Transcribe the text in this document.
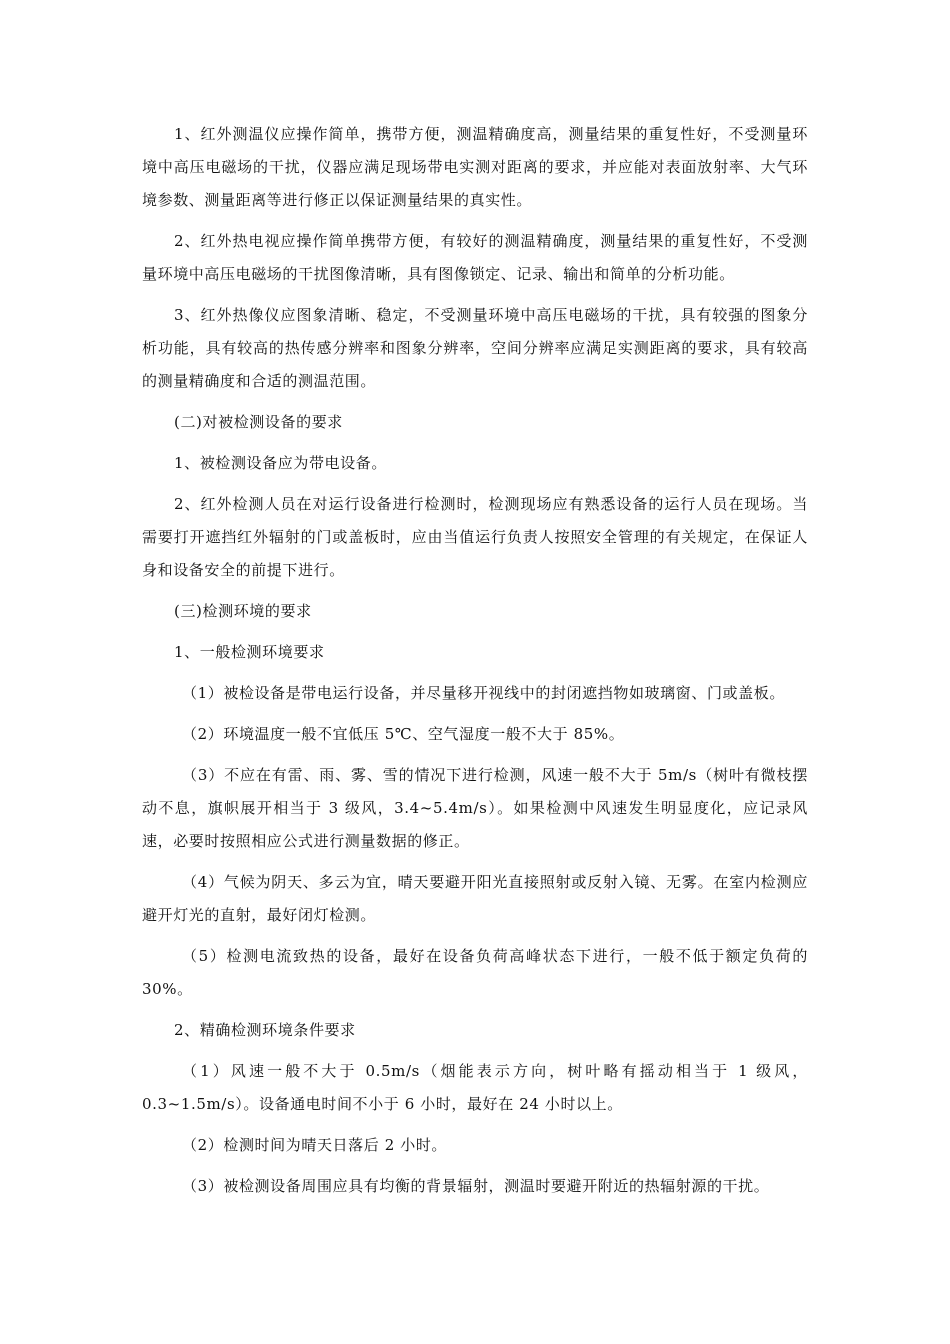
1、红外测温仪应操作简单，携带方便，测温精确度高，测量结果的重复性好，不受测量环境中高压电磁场的干扰，仪器应满足现场带电实测对距离的要求，并应能对表面放射率、大气环境参数、测量距离等进行修正以保证测量结果的真实性。

2、红外热电视应操作简单携带方便，有较好的测温精确度，测量结果的重复性好，不受测量环境中高压电磁场的干扰图像清晰，具有图像锁定、记录、输出和简单的分析功能。

3、红外热像仪应图象清晰、稳定，不受测量环境中高压电磁场的干扰，具有较强的图象分析功能，具有较高的热传感分辨率和图象分辨率，空间分辨率应满足实测距离的要求，具有较高的测量精确度和合适的测温范围。

(二)对被检测设备的要求

1、被检测设备应为带电设备。

2、红外检测人员在对运行设备进行检测时，检测现场应有熟悉设备的运行人员在现场。当需要打开遮挡红外辐射的门或盖板时，应由当值运行负责人按照安全管理的有关规定，在保证人身和设备安全的前提下进行。

(三)检测环境的要求

1、一般检测环境要求

（1）被检设备是带电运行设备，并尽量移开视线中的封闭遮挡物如玻璃窗、门或盖板。

（2）环境温度一般不宜低压 5℃、空气湿度一般不大于 85%。

（3）不应在有雷、雨、雾、雪的情况下进行检测，风速一般不大于 5m/s（树叶有微枝摆动不息，旗帜展开相当于 3 级风，3.4~5.4m/s）。如果检测中风速发生明显度化，应记录风速，必要时按照相应公式进行测量数据的修正。

（4）气候为阴天、多云为宜，晴天要避开阳光直接照射或反射入镜、无雾。在室内检测应避开灯光的直射，最好闭灯检测。

（5）检测电流致热的设备，最好在设备负荷高峰状态下进行，一般不低于额定负荷的 30%。

2、精确检测环境条件要求

（1）风速一般不大于 0.5m/s（烟能表示方向，树叶略有摇动相当于 1 级风，0.3~1.5m/s）。设备通电时间不小于 6 小时，最好在 24 小时以上。

（2）检测时间为晴天日落后 2 小时。

（3）被检测设备周围应具有均衡的背景辐射，测温时要避开附近的热辐射源的干扰。
